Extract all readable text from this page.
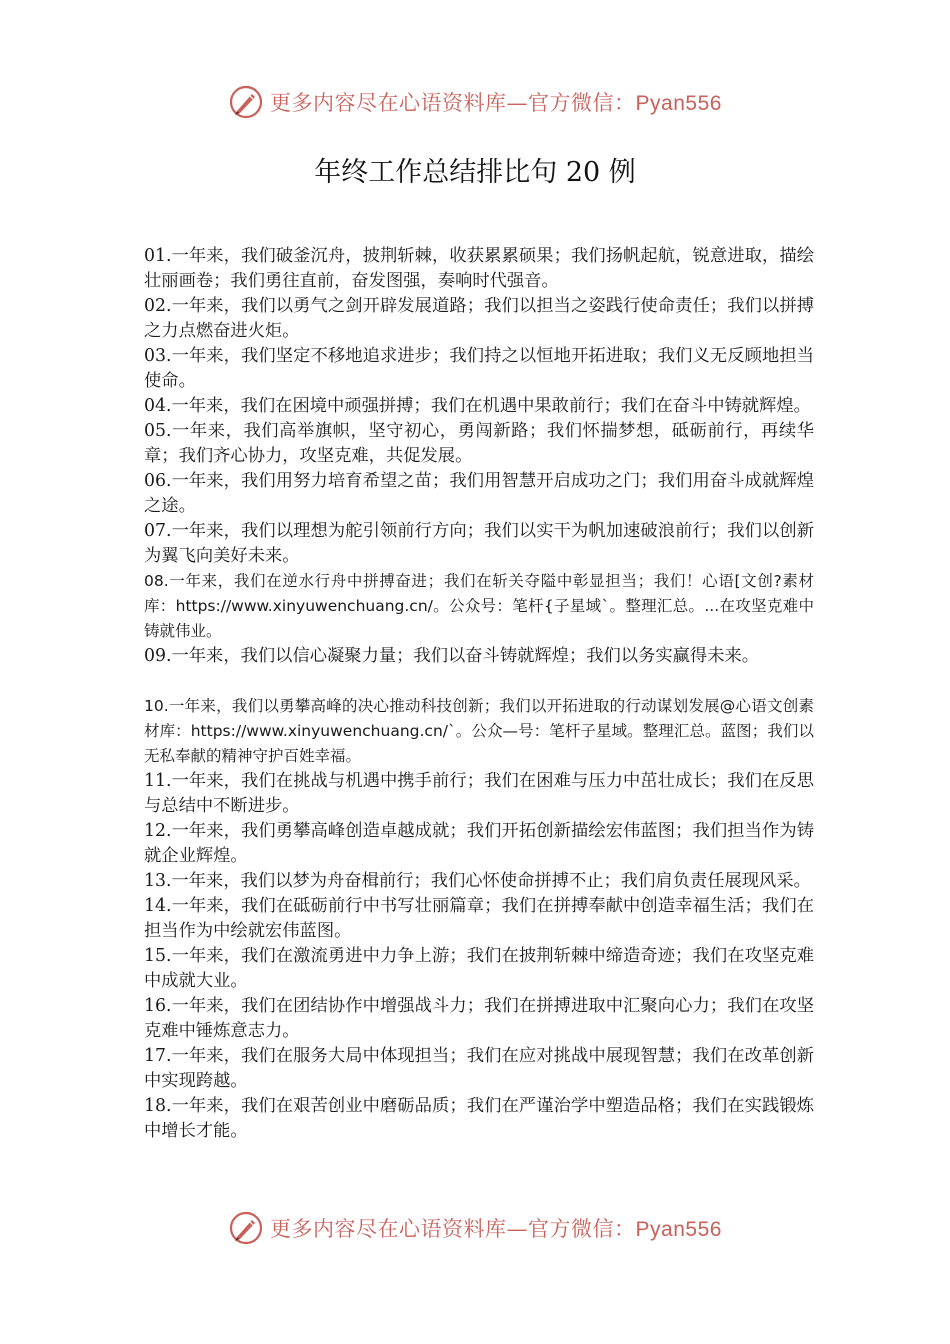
更多内容尽在心语资料库—官方微信：Pyan556
年终工作总结排比句 20 例

01.一年来，我们破釜沉舟，披荆斩棘，收获累累硕果；我们扬帆起航，锐意进取，描绘壮丽画卷；我们勇往直前，奋发图强，奏响时代强音。

02.一年来，我们以勇气之剑开辟发展道路；我们以担当之姿践行使命责任；我们以拼搏之力点燃奋进火炬。

03.一年来，我们坚定不移地追求进步；我们持之以恒地开拓进取；我们义无反顾地担当使命。

04.一年来，我们在困境中顽强拼搏；我们在机遇中果敢前行；我们在奋斗中铸就辉煌。

05.一年来，我们高举旗帜，坚守初心，勇闯新路；我们怀揣梦想，砥砺前行，再续华章；我们齐心协力，攻坚克难，共促发展。

06.一年来，我们用努力培育希望之苗；我们用智慧开启成功之门；我们用奋斗成就辉煌之途。

07.一年来，我们以理想为舵引领前行方向；我们以实干为帆加速破浪前行；我们以创新为翼飞向美好未来。

08.一年来，我们在逆水行舟中拼搏奋进；我们在斩关夺隘中彰显担当；我们！心语[文创?素材库：https://www.xinyuwenchuang.cn/。公众号：笔杆{子星域`。整理汇总。...在攻坚克难中铸就伟业。

09.一年来，我们以信心凝聚力量；我们以奋斗铸就辉煌；我们以务实赢得未来。

10.一年来，我们以勇攀高峰的决心推动科技创新；我们以开拓进取的行动谋划发展@心语文创素材库：https://www.xinyuwenchuang.cn/`。公众—号：笔杆子星域。整理汇总。蓝图；我们以无私奉献的精神守护百姓幸福。

11.一年来，我们在挑战与机遇中携手前行；我们在困难与压力中茁壮成长；我们在反思与总结中不断进步。

12.一年来，我们勇攀高峰创造卓越成就；我们开拓创新描绘宏伟蓝图；我们担当作为铸就企业辉煌。

13.一年来，我们以梦为舟奋楫前行；我们心怀使命拼搏不止；我们肩负责任展现风采。

14.一年来，我们在砥砺前行中书写壮丽篇章；我们在拼搏奉献中创造幸福生活；我们在担当作为中绘就宏伟蓝图。

15.一年来，我们在激流勇进中力争上游；我们在披荆斩棘中缔造奇迹；我们在攻坚克难中成就大业。

16.一年来，我们在团结协作中增强战斗力；我们在拼搏进取中汇聚向心力；我们在攻坚克难中锤炼意志力。

17.一年来，我们在服务大局中体现担当；我们在应对挑战中展现智慧；我们在改革创新中实现跨越。

18.一年来，我们在艰苦创业中磨砺品质；我们在严谨治学中塑造品格；我们在实践锻炼中增长才能。

更多内容尽在心语资料库—官方微信：Pyan556
